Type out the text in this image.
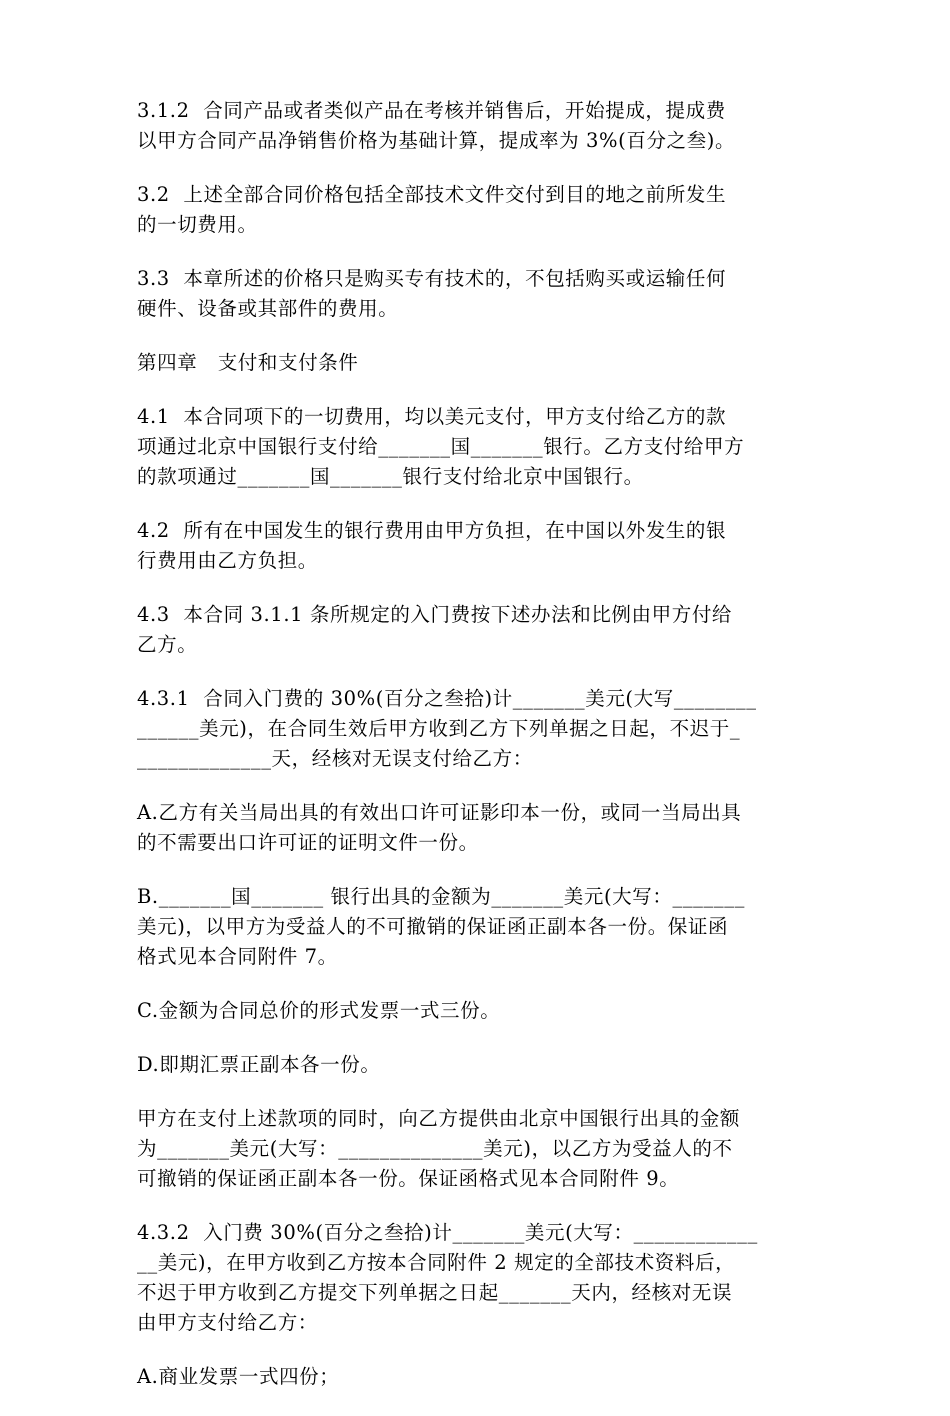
3.1.2  合同产品或者类似产品在考核并销售后，开始提成，提成费
以甲方合同产品净销售价格为基础计算，提成率为 3%(百分之叁)。
3.2  上述全部合同价格包括全部技术文件交付到目的地之前所发生
的一切费用。
3.3  本章所述的价格只是购买专有技术的，不包括购买或运输任何
硬件、设备或其部件的费用。
第四章   支付和支付条件
4.1  本合同项下的一切费用，均以美元支付，甲方支付给乙方的款
项通过北京中国银行支付给_______国_______银行。乙方支付给甲方
的款项通过_______国_______银行支付给北京中国银行。
4.2  所有在中国发生的银行费用由甲方负担，在中国以外发生的银
行费用由乙方负担。
4.3  本合同 3.1.1 条所规定的入门费按下述办法和比例由甲方付给
乙方。
4.3.1  合同入门费的 30%(百分之叁拾)计_______美元(大写________
______美元)，在合同生效后甲方收到乙方下列单据之日起，不迟于_
_____________天，经核对无误支付给乙方：
A.乙方有关当局出具的有效出口许可证影印本一份，或同一当局出具
的不需要出口许可证的证明文件一份。
B._______国_______ 银行出具的金额为_______美元(大写：_______
美元)，以甲方为受益人的不可撤销的保证函正副本各一份。保证函
格式见本合同附件 7。
C.金额为合同总价的形式发票一式三份。
D.即期汇票正副本各一份。
甲方在支付上述款项的同时，向乙方提供由北京中国银行出具的金额
为_______美元(大写：______________美元)，以乙方为受益人的不
可撤销的保证函正副本各一份。保证函格式见本合同附件 9。
4.3.2  入门费 30%(百分之叁拾)计_______美元(大写：____________
__美元)，在甲方收到乙方按本合同附件 2 规定的全部技术资料后，
不迟于甲方收到乙方提交下列单据之日起_______天内，经核对无误
由甲方支付给乙方：
A.商业发票一式四份；
